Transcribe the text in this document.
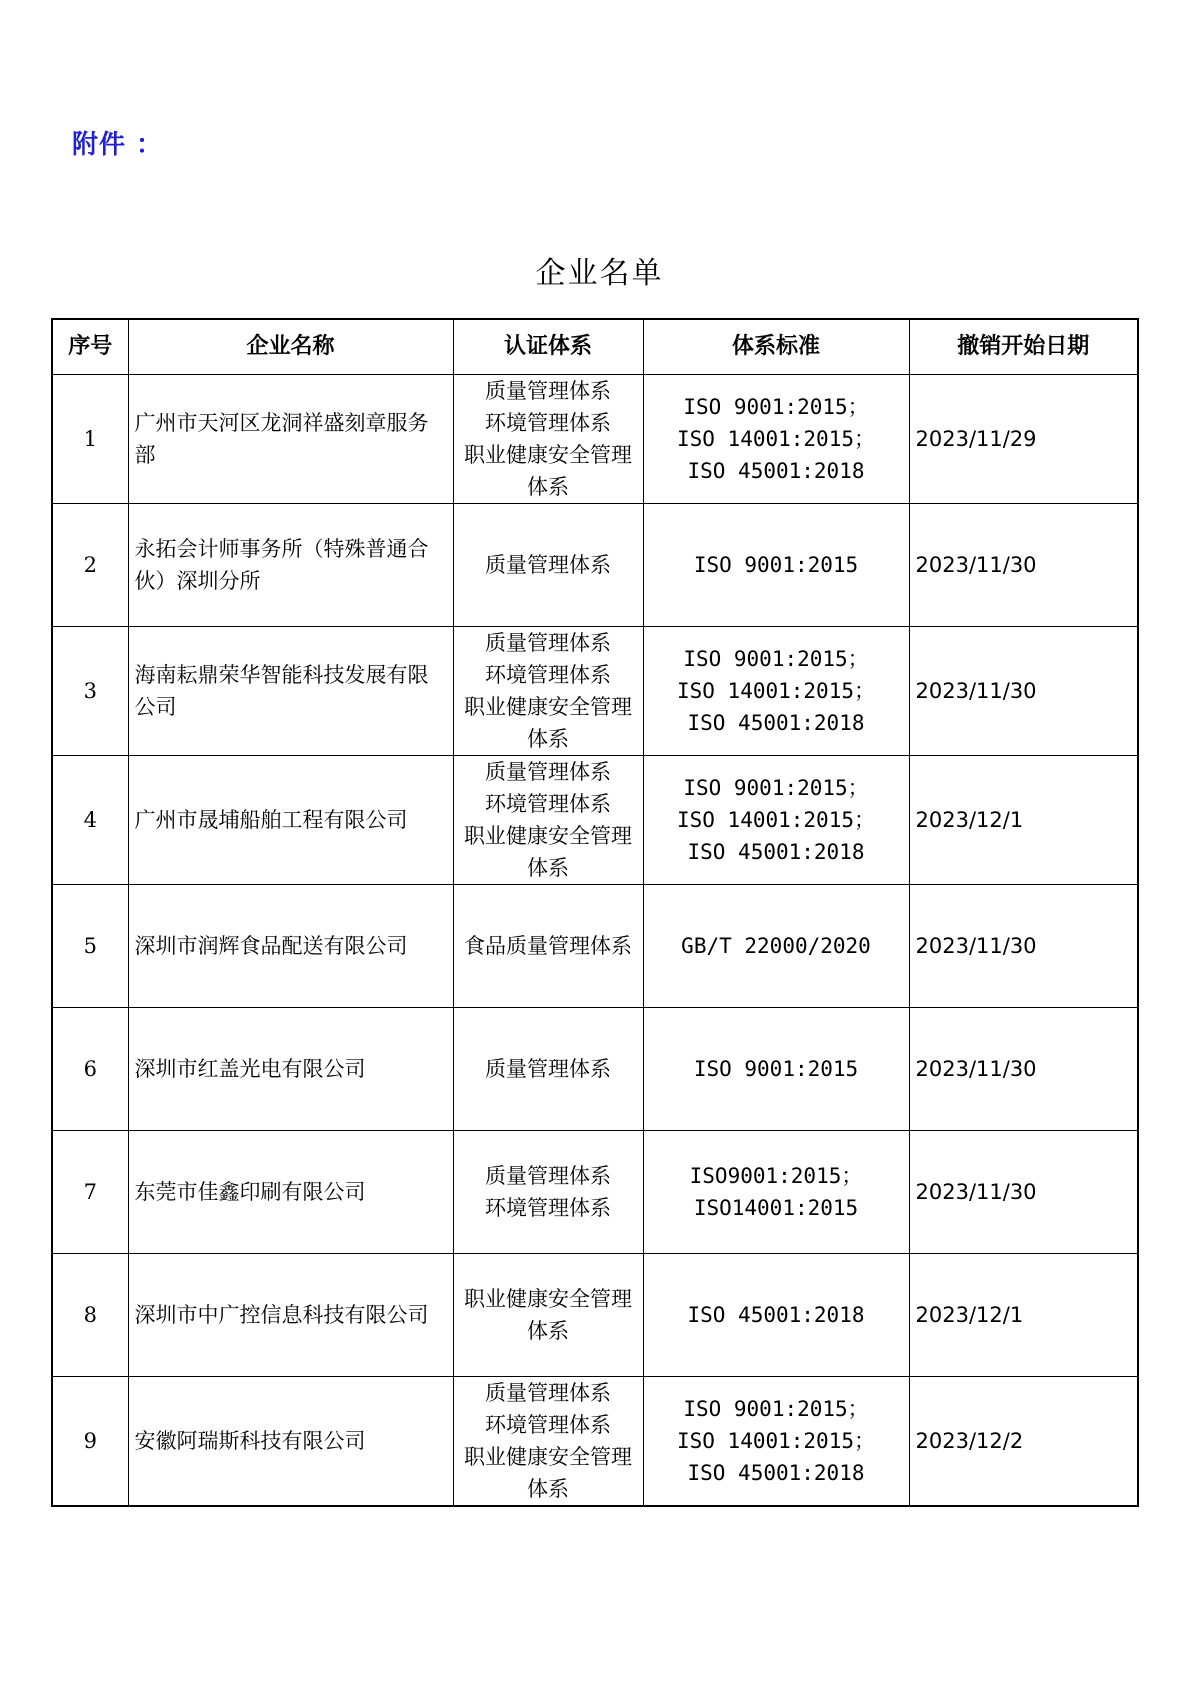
附件 ：
企业名单
序号	企业名称	认证体系	体系标准	撤销开始日期
1	广州市天河区龙洞祥盛刻章服务部	质量管理体系
环境管理体系
职业健康安全管理体系	ISO 9001:2015；
ISO 14001:2015；
ISO 45001:2018	2023/11/29
2	永拓会计师事务所（特殊普通合伙）深圳分所	质量管理体系	ISO 9001:2015	2023/11/30
3	海南耘鼎荣华智能科技发展有限公司	质量管理体系
环境管理体系
职业健康安全管理体系	ISO 9001:2015；
ISO 14001:2015；
ISO 45001:2018	2023/11/30
4	广州市晟埔船舶工程有限公司	质量管理体系
环境管理体系
职业健康安全管理体系	ISO 9001:2015；
ISO 14001:2015；
ISO 45001:2018	2023/12/1
5	深圳市润辉食品配送有限公司	食品质量管理体系	GB/T 22000/2020	2023/11/30
6	深圳市红盖光电有限公司	质量管理体系	ISO 9001:2015	2023/11/30
7	东莞市佳鑫印刷有限公司	质量管理体系
环境管理体系	ISO9001:2015；
ISO14001:2015	2023/11/30
8	深圳市中广控信息科技有限公司	职业健康安全管理体系	ISO 45001:2018	2023/12/1
9	安徽阿瑞斯科技有限公司	质量管理体系
环境管理体系
职业健康安全管理体系	ISO 9001:2015；
ISO 14001:2015；
ISO 45001:2018	2023/12/2
